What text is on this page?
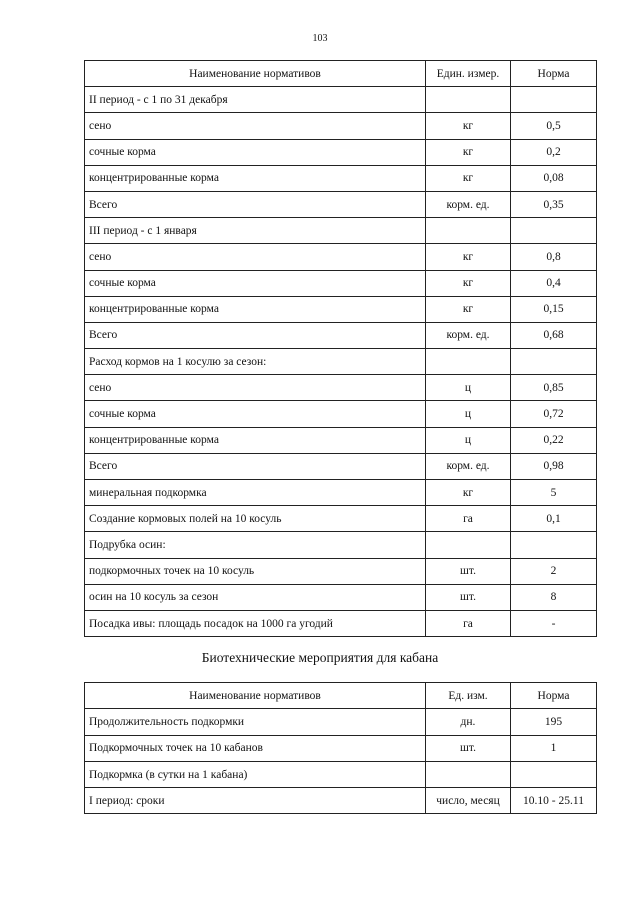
103
Наименование нормативов	Един. измер.	Норма
II период - с 1 по 31 декабря		
сено	кг	0,5
сочные корма	кг	0,2
концентрированные корма	кг	0,08
Всего	корм. ед.	0,35
III период - с 1 января		
сено	кг	0,8
сочные корма	кг	0,4
концентрированные корма	кг	0,15
Всего	корм. ед.	0,68
Расход кормов на 1 косулю за сезон:		
сено	ц	0,85
сочные корма	ц	0,72
концентрированные корма	ц	0,22
Всего	корм. ед.	0,98
минеральная подкормка	кг	5
Создание кормовых полей на 10 косуль	га	0,1
Подрубка осин:		
подкормочных точек на 10 косуль	шт.	2
осин на 10 косуль за сезон	шт.	8
Посадка ивы: площадь посадок на 1000 га угодий	га	-
Биотехнические мероприятия для кабана
Наименование нормативов	Ед. изм.	Норма
Продолжительность подкормки	дн.	195
Подкормочных точек на 10 кабанов	шт.	1
Подкормка (в сутки на 1 кабана)		
I период: сроки	число, месяц	10.10 - 25.11
